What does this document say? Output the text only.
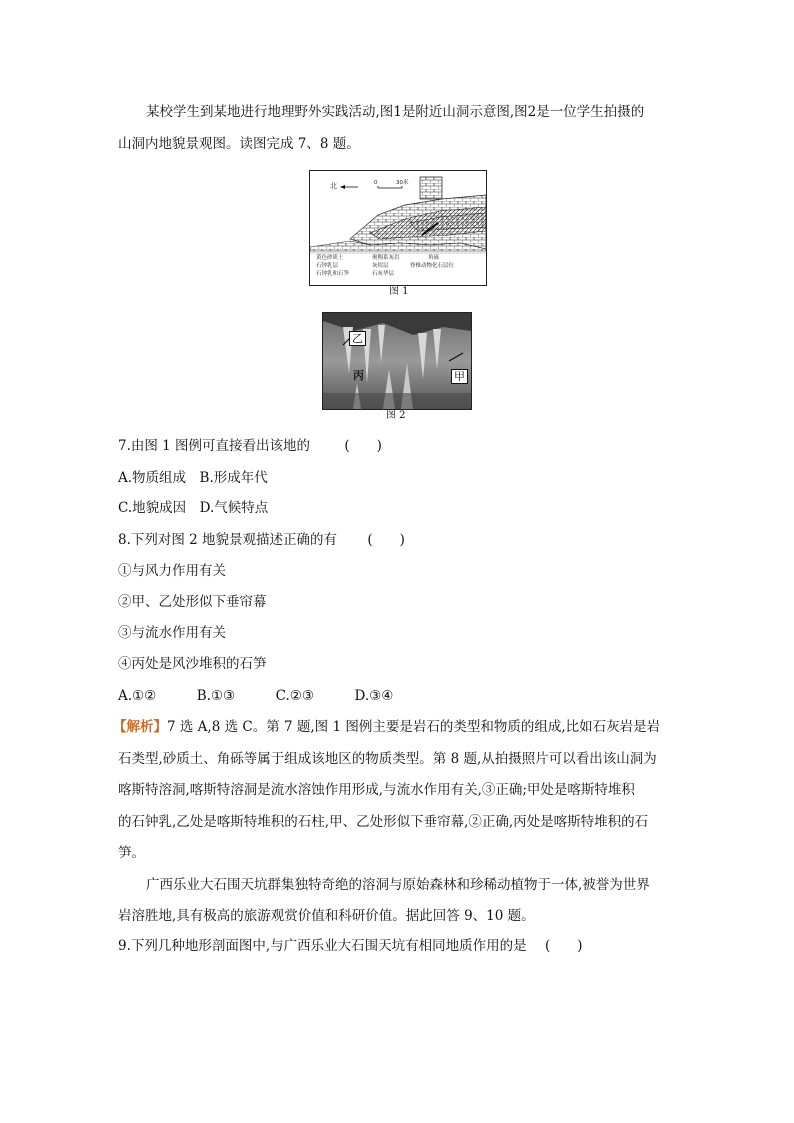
某校学生到某地进行地理野外实践活动,图1是附近山洞示意图,图2是一位学生拍摄的
山洞内地貌景观图。读图完成 7、8 题。
北	0	30米
黄色砂质土	奥陶系灰岩	角砾
石钟乳层	灰烬层	脊椎动物化石层位
石钟乳和石笋	石灰华层
图 1
乙
丙	甲
图 2
7.由图 1 图例可直接看出该地的	(　　)
A.物质组成　B.形成年代
C.地貌成因　D.气候特点
8.下列对图 2 地貌景观描述正确的有 (　　)
①与风力作用有关
②甲、乙处形似下垂帘幕
③与流水作用有关
④丙处是风沙堆积的石笋
A.①②　　　B.①③　　　C.②③　　　D.③④
【解析】7 选 A,8 选 C。第 7 题,图 1 图例主要是岩石的类型和物质的组成,比如石灰岩是岩
石类型,砂质土、角砾等属于组成该地区的物质类型。第 8 题,从拍摄照片可以看出该山洞为
喀斯特溶洞,喀斯特溶洞是流水溶蚀作用形成,与流水作用有关,③正确;甲处是喀斯特堆积
的石钟乳,乙处是喀斯特堆积的石柱,甲、乙处形似下垂帘幕,②正确,丙处是喀斯特堆积的石
笋。
广西乐业大石围天坑群集独特奇绝的溶洞与原始森林和珍稀动植物于一体,被誉为世界
岩溶胜地,具有极高的旅游观赏价值和科研价值。据此回答 9、10 题。
9.下列几种地形剖面图中,与广西乐业大石围天坑有相同地质作用的是 (　　)
